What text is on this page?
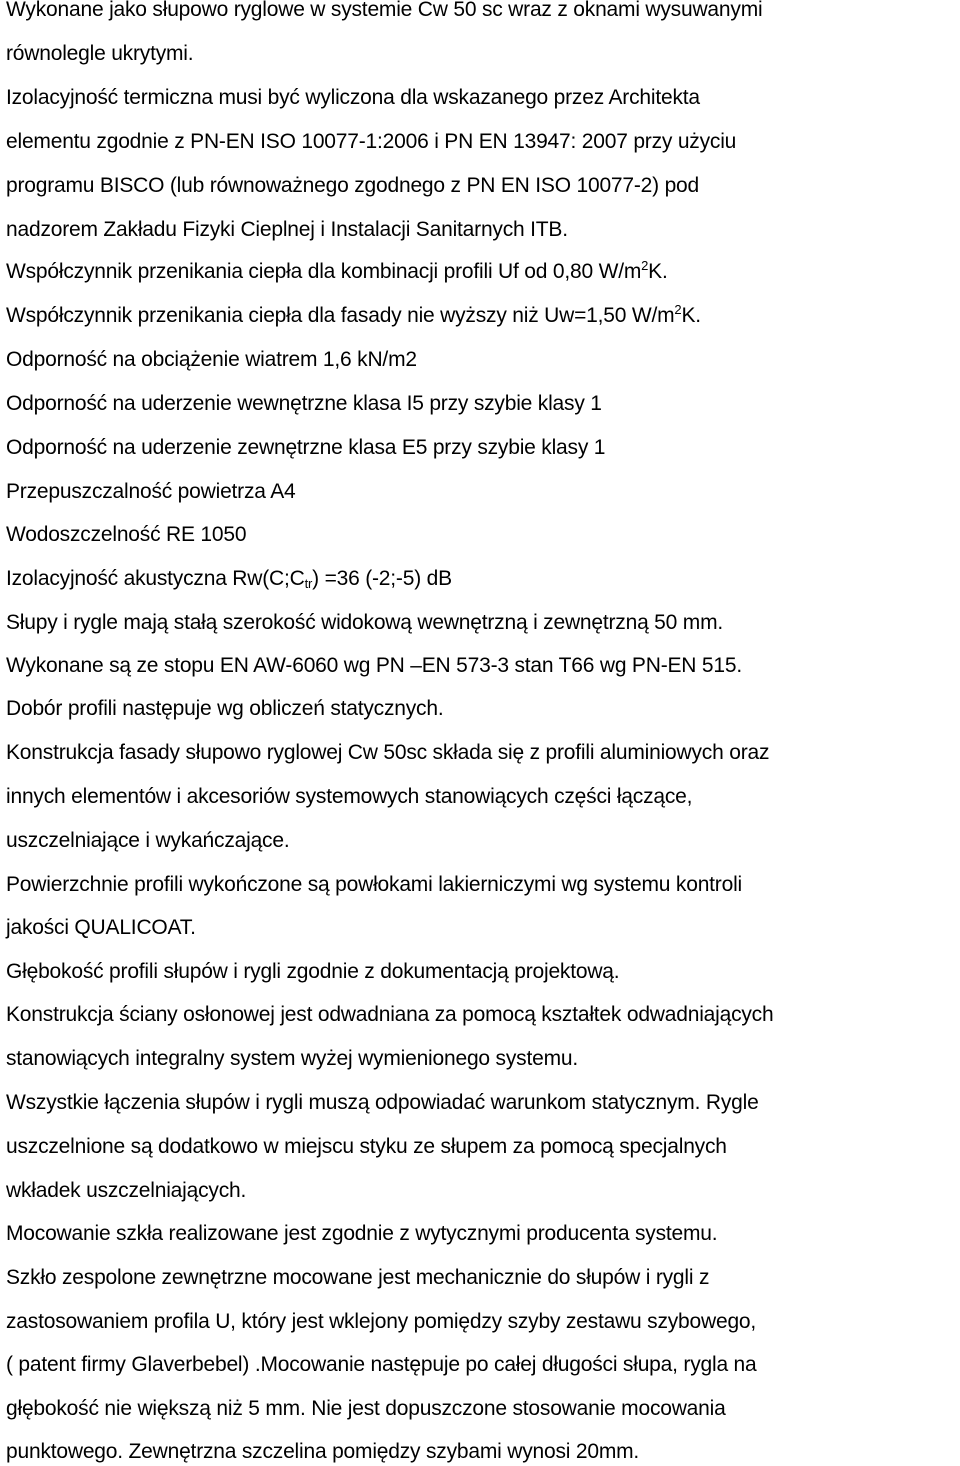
Wykonane jako słupowo ryglowe w systemie Cw 50 sc wraz z oknami wysuwanymi
równolegle ukrytymi.
Izolacyjność termiczna musi być wyliczona dla wskazanego przez Architekta
elementu zgodnie z PN-EN ISO 10077-1:2006 i PN EN 13947: 2007 przy użyciu
programu BISCO (lub równoważnego zgodnego z PN EN ISO 10077-2) pod
nadzorem Zakładu Fizyki Cieplnej i Instalacji Sanitarnych ITB.
Współczynnik przenikania ciepła dla kombinacji profili Uf od 0,80 $W/m^2K$.
Współczynnik przenikania ciepła dla fasady nie wyższy niż Uw=1,50 $W/m^2K$.
Odporność na obciążenie wiatrem 1,6 kN/m2
Odporność na uderzenie wewnętrzne klasa I5 przy szybie klasy 1
Odporność na uderzenie zewnętrzne klasa E5 przy szybie klasy 1
Przepuszczalność powietrza A4
Wodoszczelność RE 1050
Izolacyjność akustyczna $Rw(C;C_{tr}) =36$ (-2;-5) dB
Słupy i rygle mają stałą szerokość widokową wewnętrzną i zewnętrzną 50 mm.
Wykonane są ze stopu EN AW-6060 wg PN –EN 573-3 stan T66 wg PN-EN 515.
Dobór profili następuje wg obliczeń statycznych.
Konstrukcja fasady słupowo ryglowej Cw 50sc składa się z profili aluminiowych oraz
innych elementów i akcesoriów systemowych stanowiących części łączące,
uszczelniające i wykańczające.
Powierzchnie profili wykończone są powłokami lakierniczymi wg systemu kontroli
jakości QUALICOAT.
Głębokość profili słupów i rygli zgodnie z dokumentacją projektową.
Konstrukcja ściany osłonowej jest odwadniana za pomocą kształtek odwadniających
stanowiących integralny system wyżej wymienionego systemu.
Wszystkie łączenia słupów i rygli muszą odpowiadać warunkom statycznym. Rygle
uszczelnione są dodatkowo w miejscu styku ze słupem za pomocą specjalnych
wkładek uszczelniających.
Mocowanie szkła realizowane jest zgodnie z wytycznymi producenta systemu.
Szkło zespolone zewnętrzne mocowane jest mechanicznie do słupów i rygli z
zastosowaniem profila U, który jest wklejony pomiędzy szyby zestawu szybowego,
( patent firmy Glaverbebel) .Mocowanie następuje po całej długości słupa, rygla na
głębokość nie większą niż 5 mm. Nie jest dopuszczone stosowanie mocowania
punktowego. Zewnętrzna szczelina pomiędzy szybami wynosi 20mm.
